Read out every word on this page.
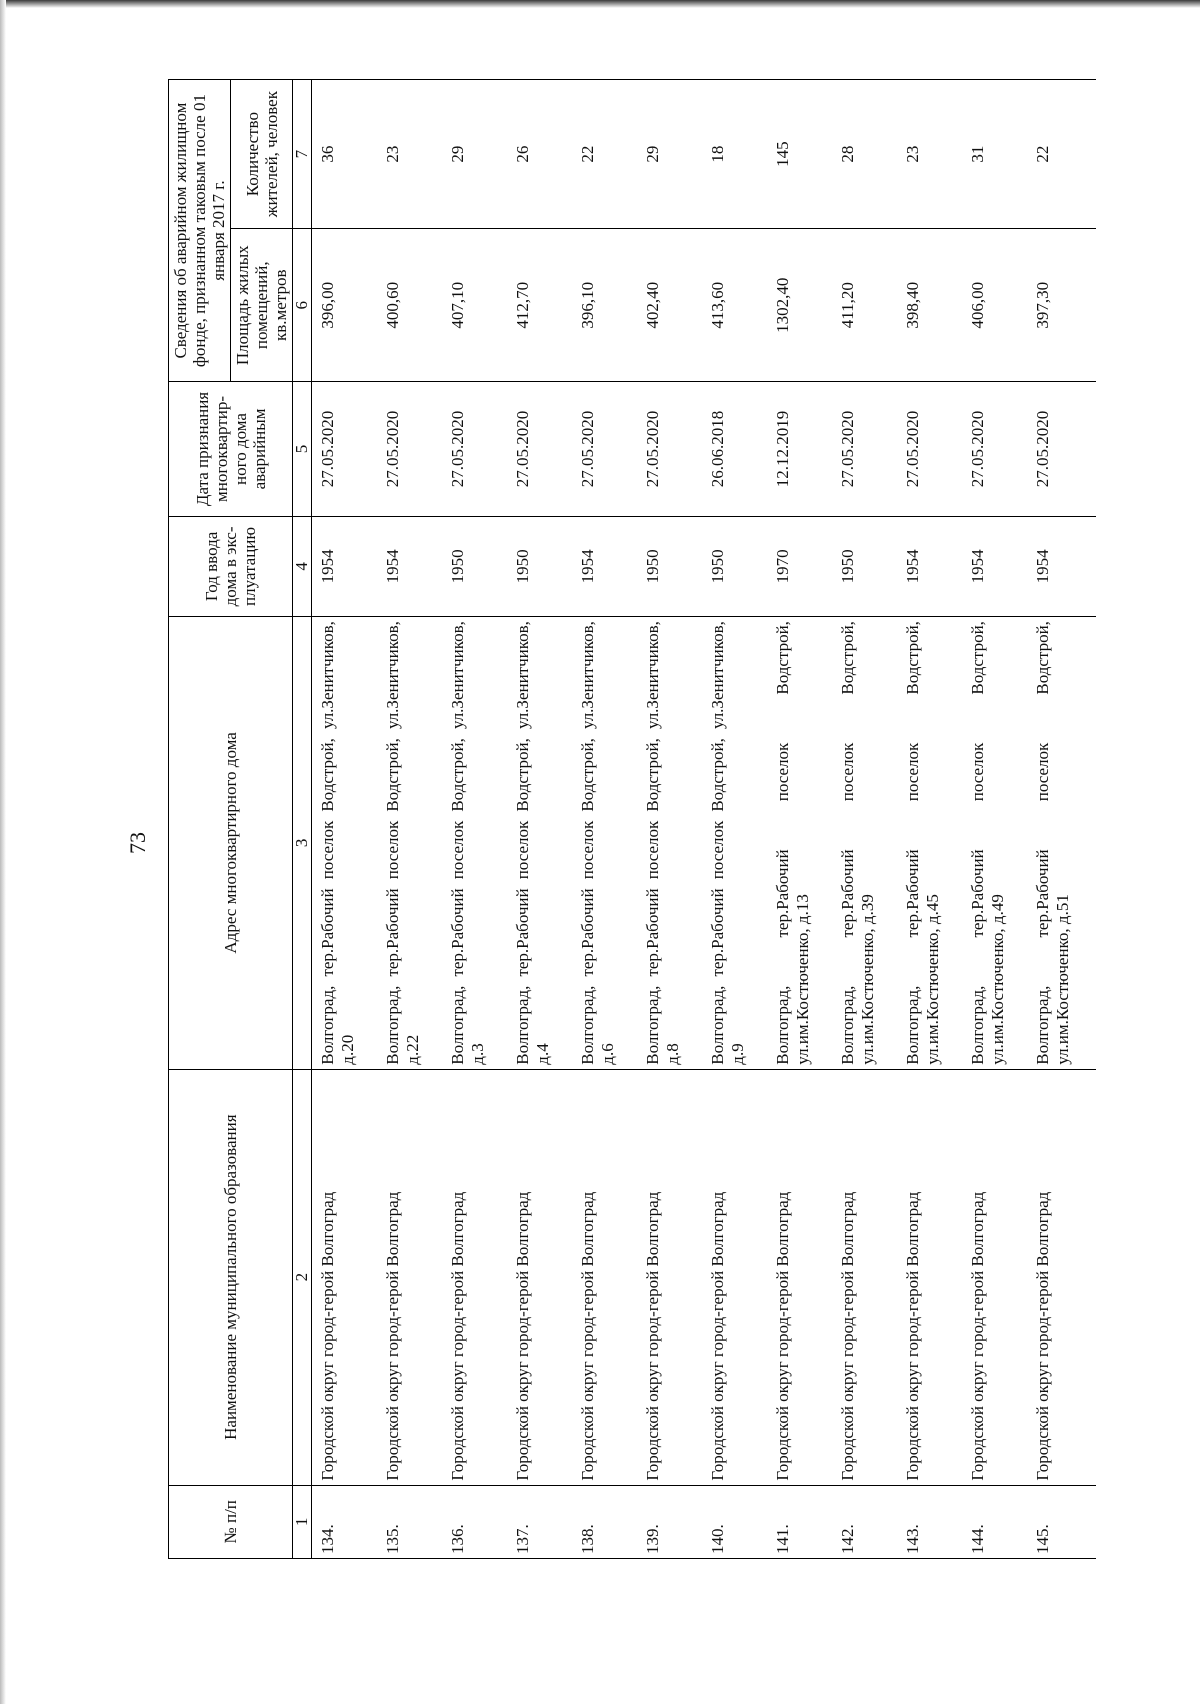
73
№ п/п	Наименование муниципального образования	Адрес многоквартирного дома	Год ввода дома в экс-плуатацию	Дата признания многоквартир-ного дома аварийным	Сведения об аварийном жилищном фонде, признанном таковым после 01 января 2017 г.	
					Площадь жилых помещений, кв.метров	Количество жителей, человек
1	2	3	4	5	6	7
134.	Городской округ город-герой Волгоград	Волгоград, тер.Рабочий поселок Водстрой, ул.Зенитчиков, д.20	1954	27.05.2020	396,00	36
135.	Городской округ город-герой Волгоград	Волгоград, тер.Рабочий поселок Водстрой, ул.Зенитчиков, д.22	1954	27.05.2020	400,60	23
136.	Городской округ город-герой Волгоград	Волгоград, тер.Рабочий поселок Водстрой, ул.Зенитчиков, д.3	1950	27.05.2020	407,10	29
137.	Городской округ город-герой Волгоград	Волгоград, тер.Рабочий поселок Водстрой, ул.Зенитчиков, д.4	1950	27.05.2020	412,70	26
138.	Городской округ город-герой Волгоград	Волгоград, тер.Рабочий поселок Водстрой, ул.Зенитчиков, д.6	1954	27.05.2020	396,10	22
139.	Городской округ город-герой Волгоград	Волгоград, тер.Рабочий поселок Водстрой, ул.Зенитчиков, д.8	1950	27.05.2020	402,40	29
140.	Городской округ город-герой Волгоград	Волгоград, тер.Рабочий поселок Водстрой, ул.Зенитчиков, д.9	1950	26.06.2018	413,60	18
141.	Городской округ город-герой Волгоград	Волгоград, тер.Рабочий поселок Водстрой, ул.им.Костюченко, д.13	1970	12.12.2019	1302,40	145
142.	Городской округ город-герой Волгоград	Волгоград, тер.Рабочий поселок Водстрой, ул.им.Костюченко, д.39	1950	27.05.2020	411,20	28
143.	Городской округ город-герой Волгоград	Волгоград, тер.Рабочий поселок Водстрой, ул.им.Костюченко, д.45	1954	27.05.2020	398,40	23
144.	Городской округ город-герой Волгоград	Волгоград, тер.Рабочий поселок Водстрой, ул.им.Костюченко, д.49	1954	27.05.2020	406,00	31
145.	Городской округ город-герой Волгоград	Волгоград, тер.Рабочий поселок Водстрой, ул.им.Костюченко, д.51	1954	27.05.2020	397,30	22
